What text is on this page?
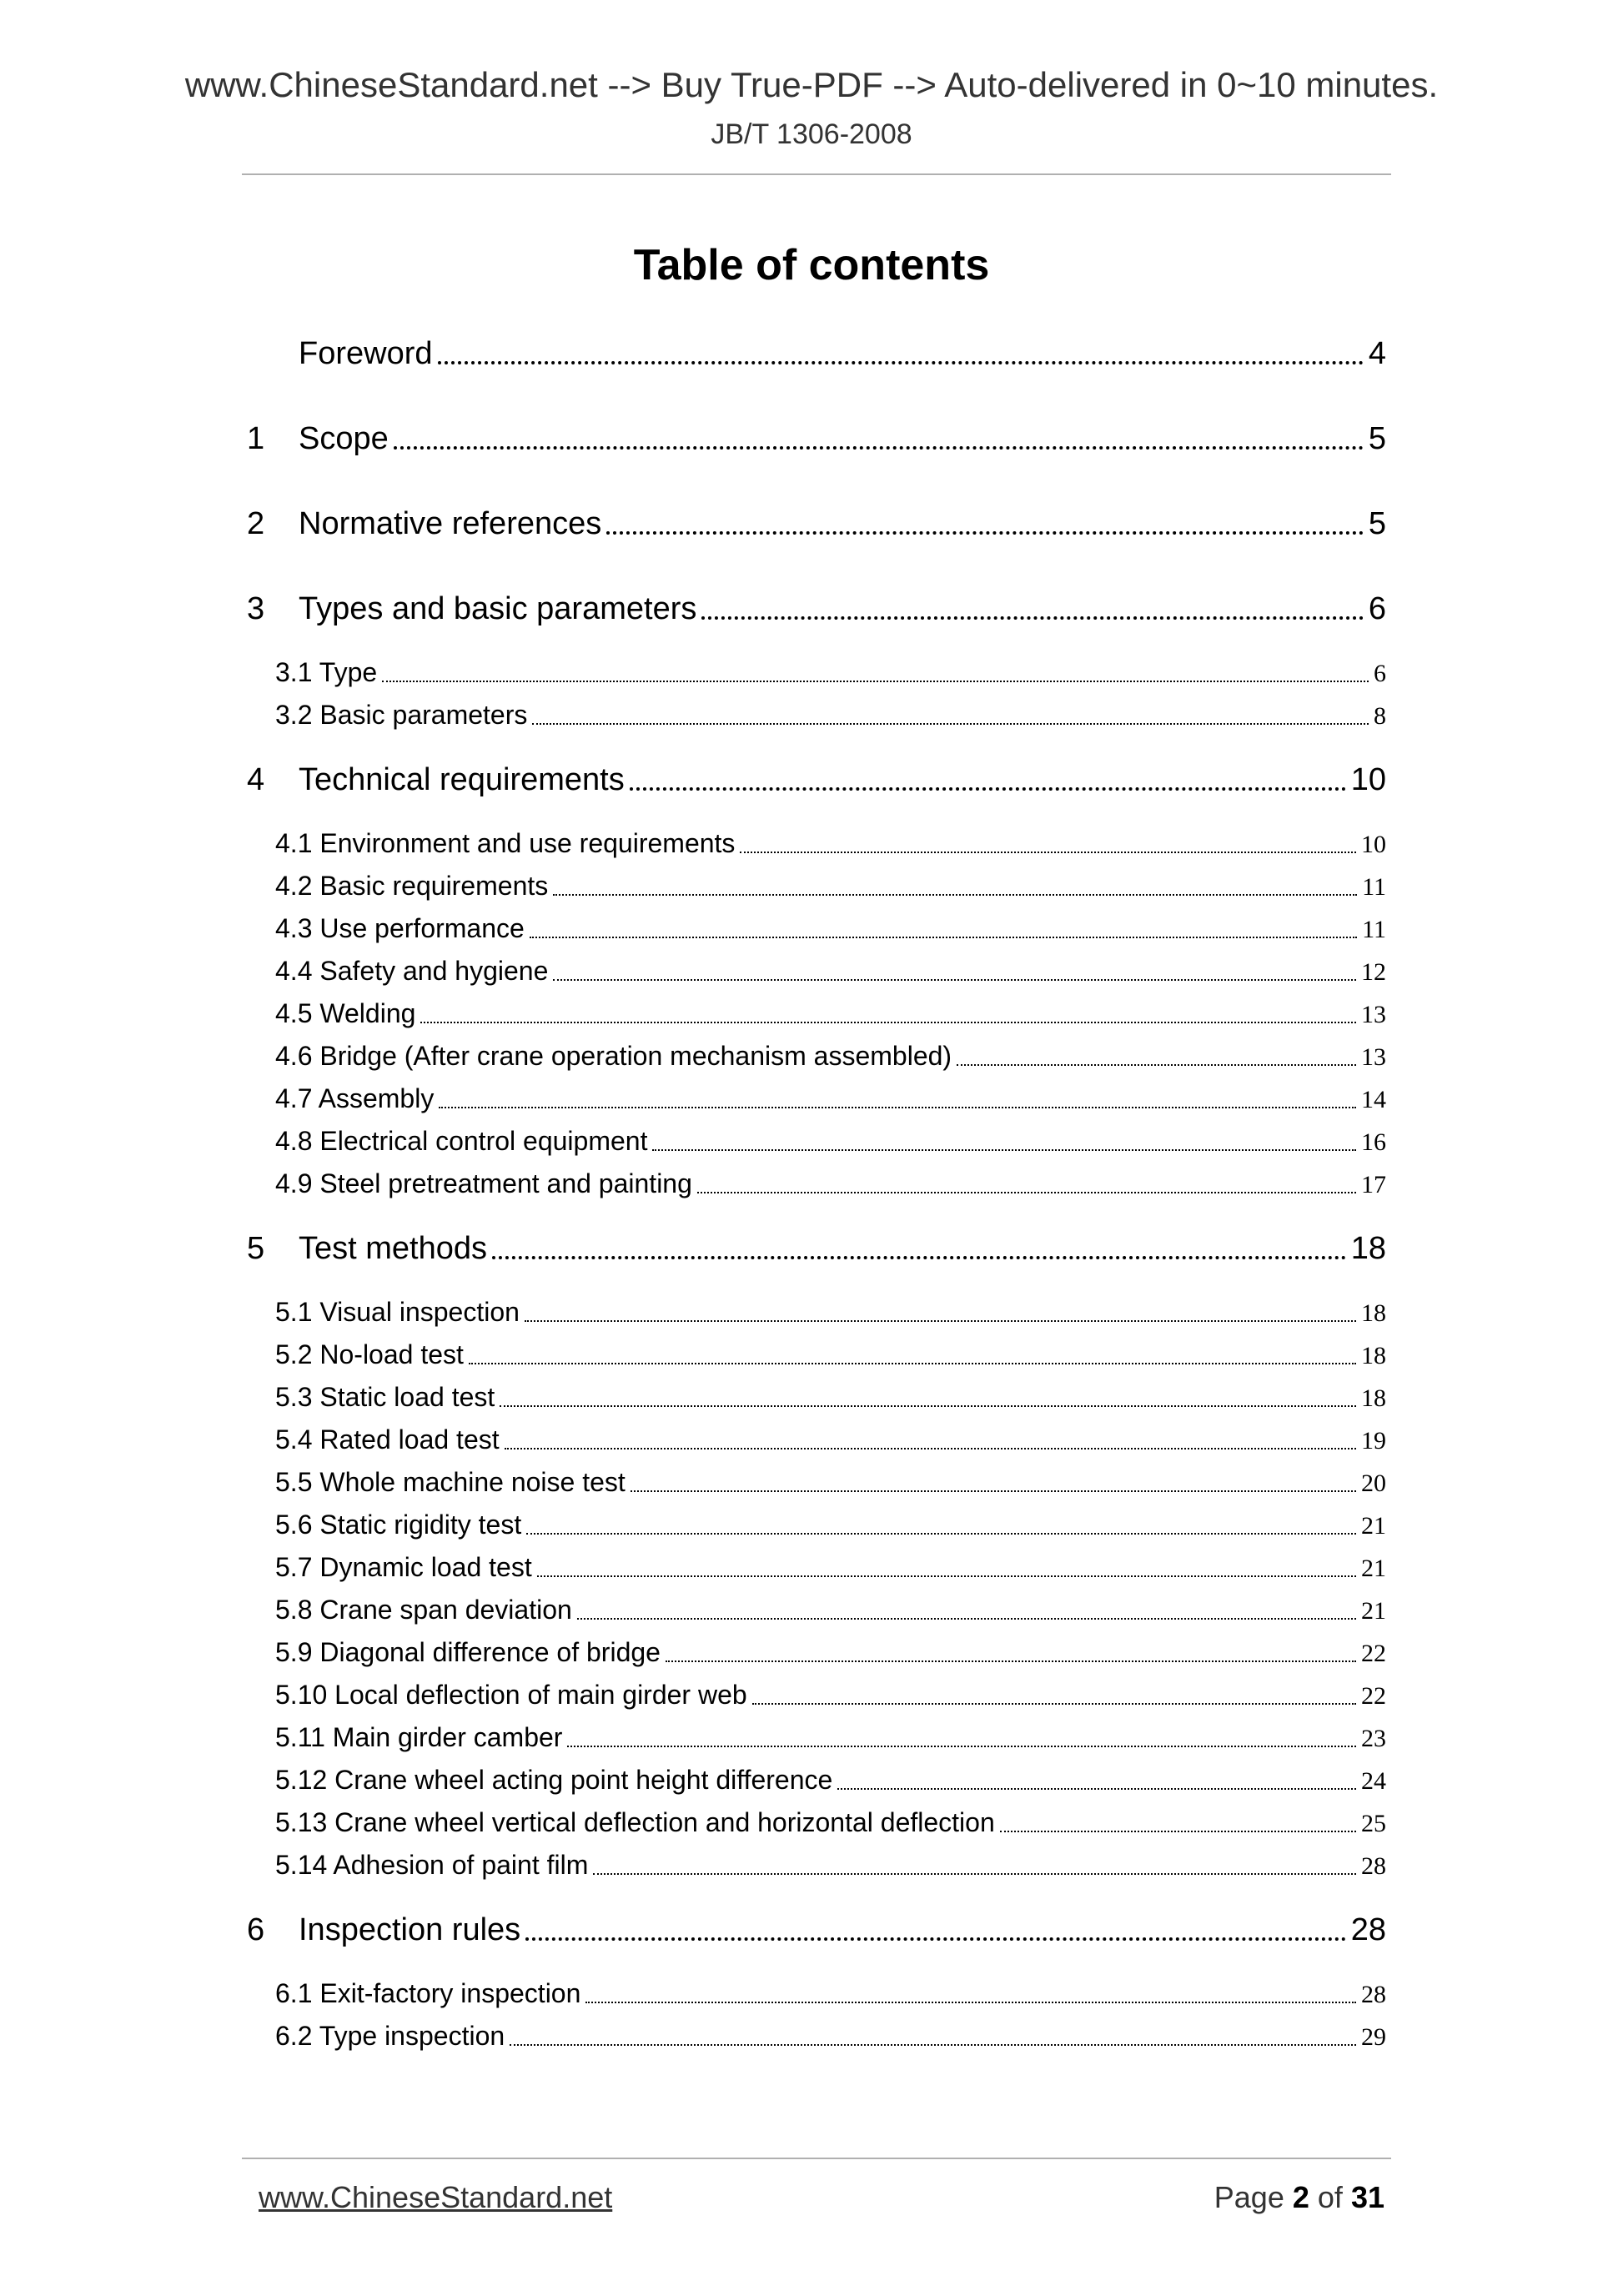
www.ChineseStandard.net --> Buy True-PDF --> Auto-delivered in 0~10 minutes.
JB/T 1306-2008
Table of contents
Foreword	4
1	Scope	5
2	Normative references	5
3	Types and basic parameters	6
3.1 Type	6
3.2 Basic parameters	8
4	Technical requirements	10
4.1 Environment and use requirements	10
4.2 Basic requirements	11
4.3 Use performance	11
4.4 Safety and hygiene	12
4.5 Welding	13
4.6 Bridge (After crane operation mechanism assembled)	13
4.7 Assembly	14
4.8 Electrical control equipment	16
4.9 Steel pretreatment and painting	17
5	Test methods	18
5.1 Visual inspection	18
5.2 No-load test	18
5.3 Static load test	18
5.4 Rated load test	19
5.5 Whole machine noise test	20
5.6 Static rigidity test	21
5.7 Dynamic load test	21
5.8 Crane span deviation	21
5.9 Diagonal difference of bridge	22
5.10 Local deflection of main girder web	22
5.11 Main girder camber	23
5.12 Crane wheel acting point height difference	24
5.13 Crane wheel vertical deflection and horizontal deflection	25
5.14 Adhesion of paint film	28
6	Inspection rules	28
6.1 Exit-factory inspection	28
6.2 Type inspection	29
www.ChineseStandard.net	Page 2 of 31
